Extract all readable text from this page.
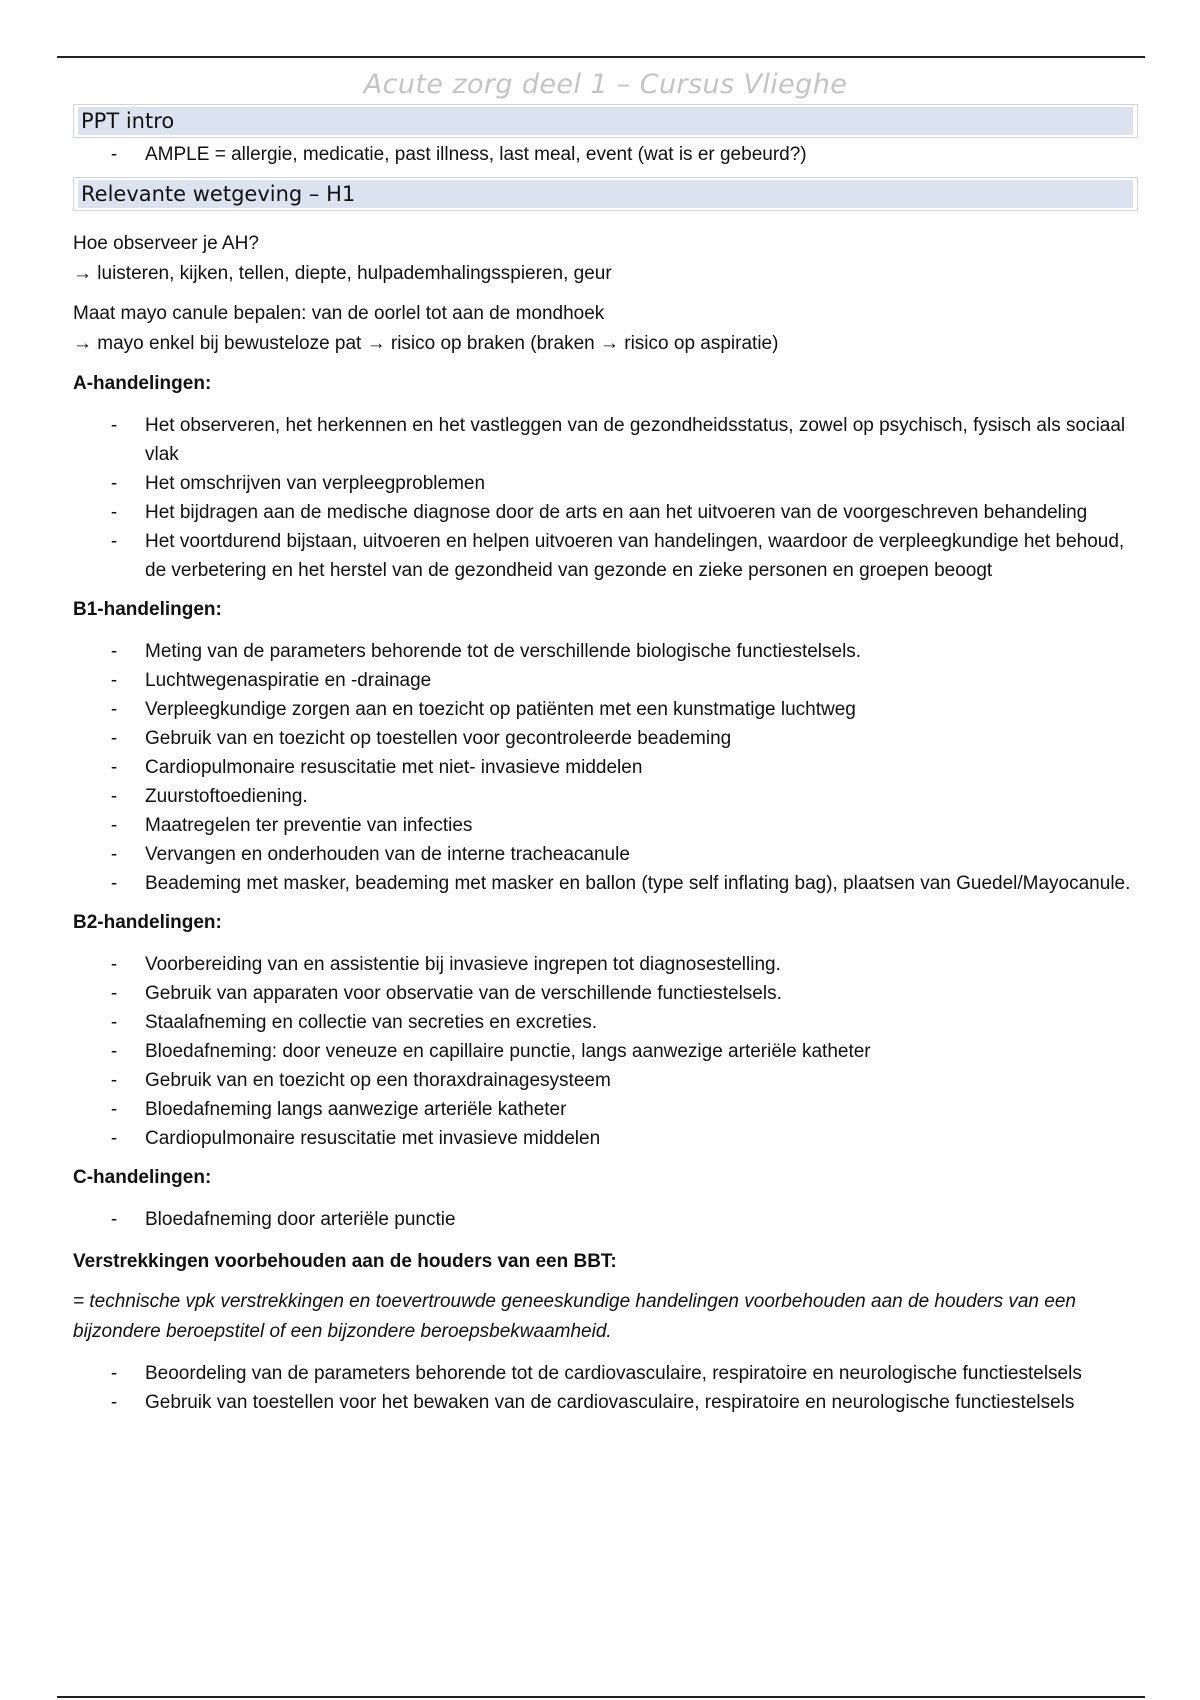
Acute zorg deel 1 – Cursus Vlieghe
PPT intro
- AMPLE = allergie, medicatie, past illness, last meal, event (wat is er gebeurd?)
Relevante wetgeving – H1

Hoe observeer je AH?

→ luisteren, kijken, tellen, diepte, hulpademhalingsspieren, geur

Maat mayo canule bepalen: van de oorlel tot aan de mondhoek

→ mayo enkel bij bewusteloze pat → risico op braken (braken → risico op aspiratie)

A-handelingen:

- Het observeren, het herkennen en het vastleggen van de gezondheidsstatus, zowel op psychisch, fysisch als sociaal vlak
- Het omschrijven van verpleegproblemen
- Het bijdragen aan de medische diagnose door de arts en aan het uitvoeren van de voorgeschreven behandeling
- Het voortdurend bijstaan, uitvoeren en helpen uitvoeren van handelingen, waardoor de verpleegkundige het behoud, de verbetering en het herstel van de gezondheid van gezonde en zieke personen en groepen beoogt

B1-handelingen:

- Meting van de parameters behorende tot de verschillende biologische functiestelsels.
- Luchtwegenaspiratie en -drainage
- Verpleegkundige zorgen aan en toezicht op patiënten met een kunstmatige luchtweg
- Gebruik van en toezicht op toestellen voor gecontroleerde beademing
- Cardiopulmonaire resuscitatie met niet- invasieve middelen
- Zuurstoftoediening.
- Maatregelen ter preventie van infecties
- Vervangen en onderhouden van de interne tracheacanule
- Beademing met masker, beademing met masker en ballon (type self inflating bag), plaatsen van Guedel/Mayocanule.

B2-handelingen:

- Voorbereiding van en assistentie bij invasieve ingrepen tot diagnosestelling.
- Gebruik van apparaten voor observatie van de verschillende functiestelsels.
- Staalafneming en collectie van secreties en excreties.
- Bloedafneming: door veneuze en capillaire punctie, langs aanwezige arteriële katheter
- Gebruik van en toezicht op een thoraxdrainagesysteem
- Bloedafneming langs aanwezige arteriële katheter
- Cardiopulmonaire resuscitatie met invasieve middelen

C-handelingen:

- Bloedafneming door arteriële punctie

Verstrekkingen voorbehouden aan de houders van een BBT:

= technische vpk verstrekkingen en toevertrouwde geneeskundige handelingen voorbehouden aan de houders van een bijzondere beroepstitel of een bijzondere beroepsbekwaamheid.

- Beoordeling van de parameters behorende tot de cardiovasculaire, respiratoire en neurologische functiestelsels
- Gebruik van toestellen voor het bewaken van de cardiovasculaire, respiratoire en neurologische functiestelsels
